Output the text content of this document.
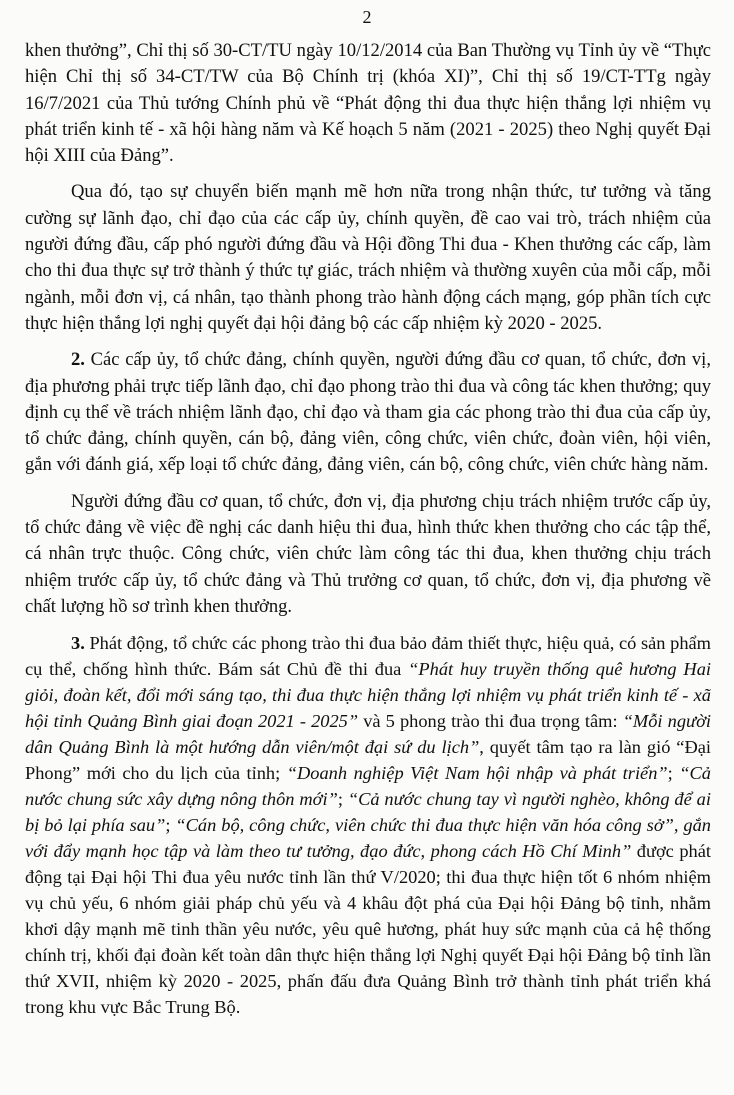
2

khen thưởng”, Chỉ thị số 30-CT/TU ngày 10/12/2014 của Ban Thường vụ Tỉnh ủy về “Thực hiện Chỉ thị số 34-CT/TW của Bộ Chính trị (khóa XI)”, Chỉ thị số 19/CT-TTg ngày 16/7/2021 của Thủ tướng Chính phủ về “Phát động thi đua thực hiện thắng lợi nhiệm vụ phát triển kinh tế - xã hội hàng năm và Kế hoạch 5 năm (2021 - 2025) theo Nghị quyết Đại hội XIII của Đảng”.

Qua đó, tạo sự chuyển biến mạnh mẽ hơn nữa trong nhận thức, tư tưởng và tăng cường sự lãnh đạo, chỉ đạo của các cấp ủy, chính quyền, đề cao vai trò, trách nhiệm của người đứng đầu, cấp phó người đứng đầu và Hội đồng Thi đua - Khen thưởng các cấp, làm cho thi đua thực sự trở thành ý thức tự giác, trách nhiệm và thường xuyên của mỗi cấp, mỗi ngành, mỗi đơn vị, cá nhân, tạo thành phong trào hành động cách mạng, góp phần tích cực thực hiện thắng lợi nghị quyết đại hội đảng bộ các cấp nhiệm kỳ 2020 - 2025.

2. Các cấp ủy, tổ chức đảng, chính quyền, người đứng đầu cơ quan, tổ chức, đơn vị, địa phương phải trực tiếp lãnh đạo, chỉ đạo phong trào thi đua và công tác khen thưởng; quy định cụ thể về trách nhiệm lãnh đạo, chỉ đạo và tham gia các phong trào thi đua của cấp ủy, tổ chức đảng, chính quyền, cán bộ, đảng viên, công chức, viên chức, đoàn viên, hội viên, gắn với đánh giá, xếp loại tổ chức đảng, đảng viên, cán bộ, công chức, viên chức hàng năm.

Người đứng đầu cơ quan, tổ chức, đơn vị, địa phương chịu trách nhiệm trước cấp ủy, tổ chức đảng về việc đề nghị các danh hiệu thi đua, hình thức khen thưởng cho các tập thể, cá nhân trực thuộc. Công chức, viên chức làm công tác thi đua, khen thưởng chịu trách nhiệm trước cấp ủy, tổ chức đảng và Thủ trưởng cơ quan, tổ chức, đơn vị, địa phương về chất lượng hồ sơ trình khen thưởng.

3. Phát động, tổ chức các phong trào thi đua bảo đảm thiết thực, hiệu quả, có sản phẩm cụ thể, chống hình thức. Bám sát Chủ đề thi đua “Phát huy truyền thống quê hương Hai giỏi, đoàn kết, đổi mới sáng tạo, thi đua thực hiện thắng lợi nhiệm vụ phát triển kinh tế - xã hội tỉnh Quảng Bình giai đoạn 2021 - 2025” và 5 phong trào thi đua trọng tâm: “Mỗi người dân Quảng Bình là một hướng dẫn viên/một đại sứ du lịch”, quyết tâm tạo ra làn gió “Đại Phong” mới cho du lịch của tỉnh; “Doanh nghiệp Việt Nam hội nhập và phát triển”; “Cả nước chung sức xây dựng nông thôn mới”; “Cả nước chung tay vì người nghèo, không để ai bị bỏ lại phía sau”; “Cán bộ, công chức, viên chức thi đua thực hiện văn hóa công sở”, gắn với đẩy mạnh học tập và làm theo tư tưởng, đạo đức, phong cách Hồ Chí Minh” được phát động tại Đại hội Thi đua yêu nước tỉnh lần thứ V/2020; thi đua thực hiện tốt 6 nhóm nhiệm vụ chủ yếu, 6 nhóm giải pháp chủ yếu và 4 khâu đột phá của Đại hội Đảng bộ tỉnh, nhằm khơi dậy mạnh mẽ tinh thần yêu nước, yêu quê hương, phát huy sức mạnh của cả hệ thống chính trị, khối đại đoàn kết toàn dân thực hiện thắng lợi Nghị quyết Đại hội Đảng bộ tỉnh lần thứ XVII, nhiệm kỳ 2020 - 2025, phấn đấu đưa Quảng Bình trở thành tỉnh phát triển khá trong khu vực Bắc Trung Bộ.
